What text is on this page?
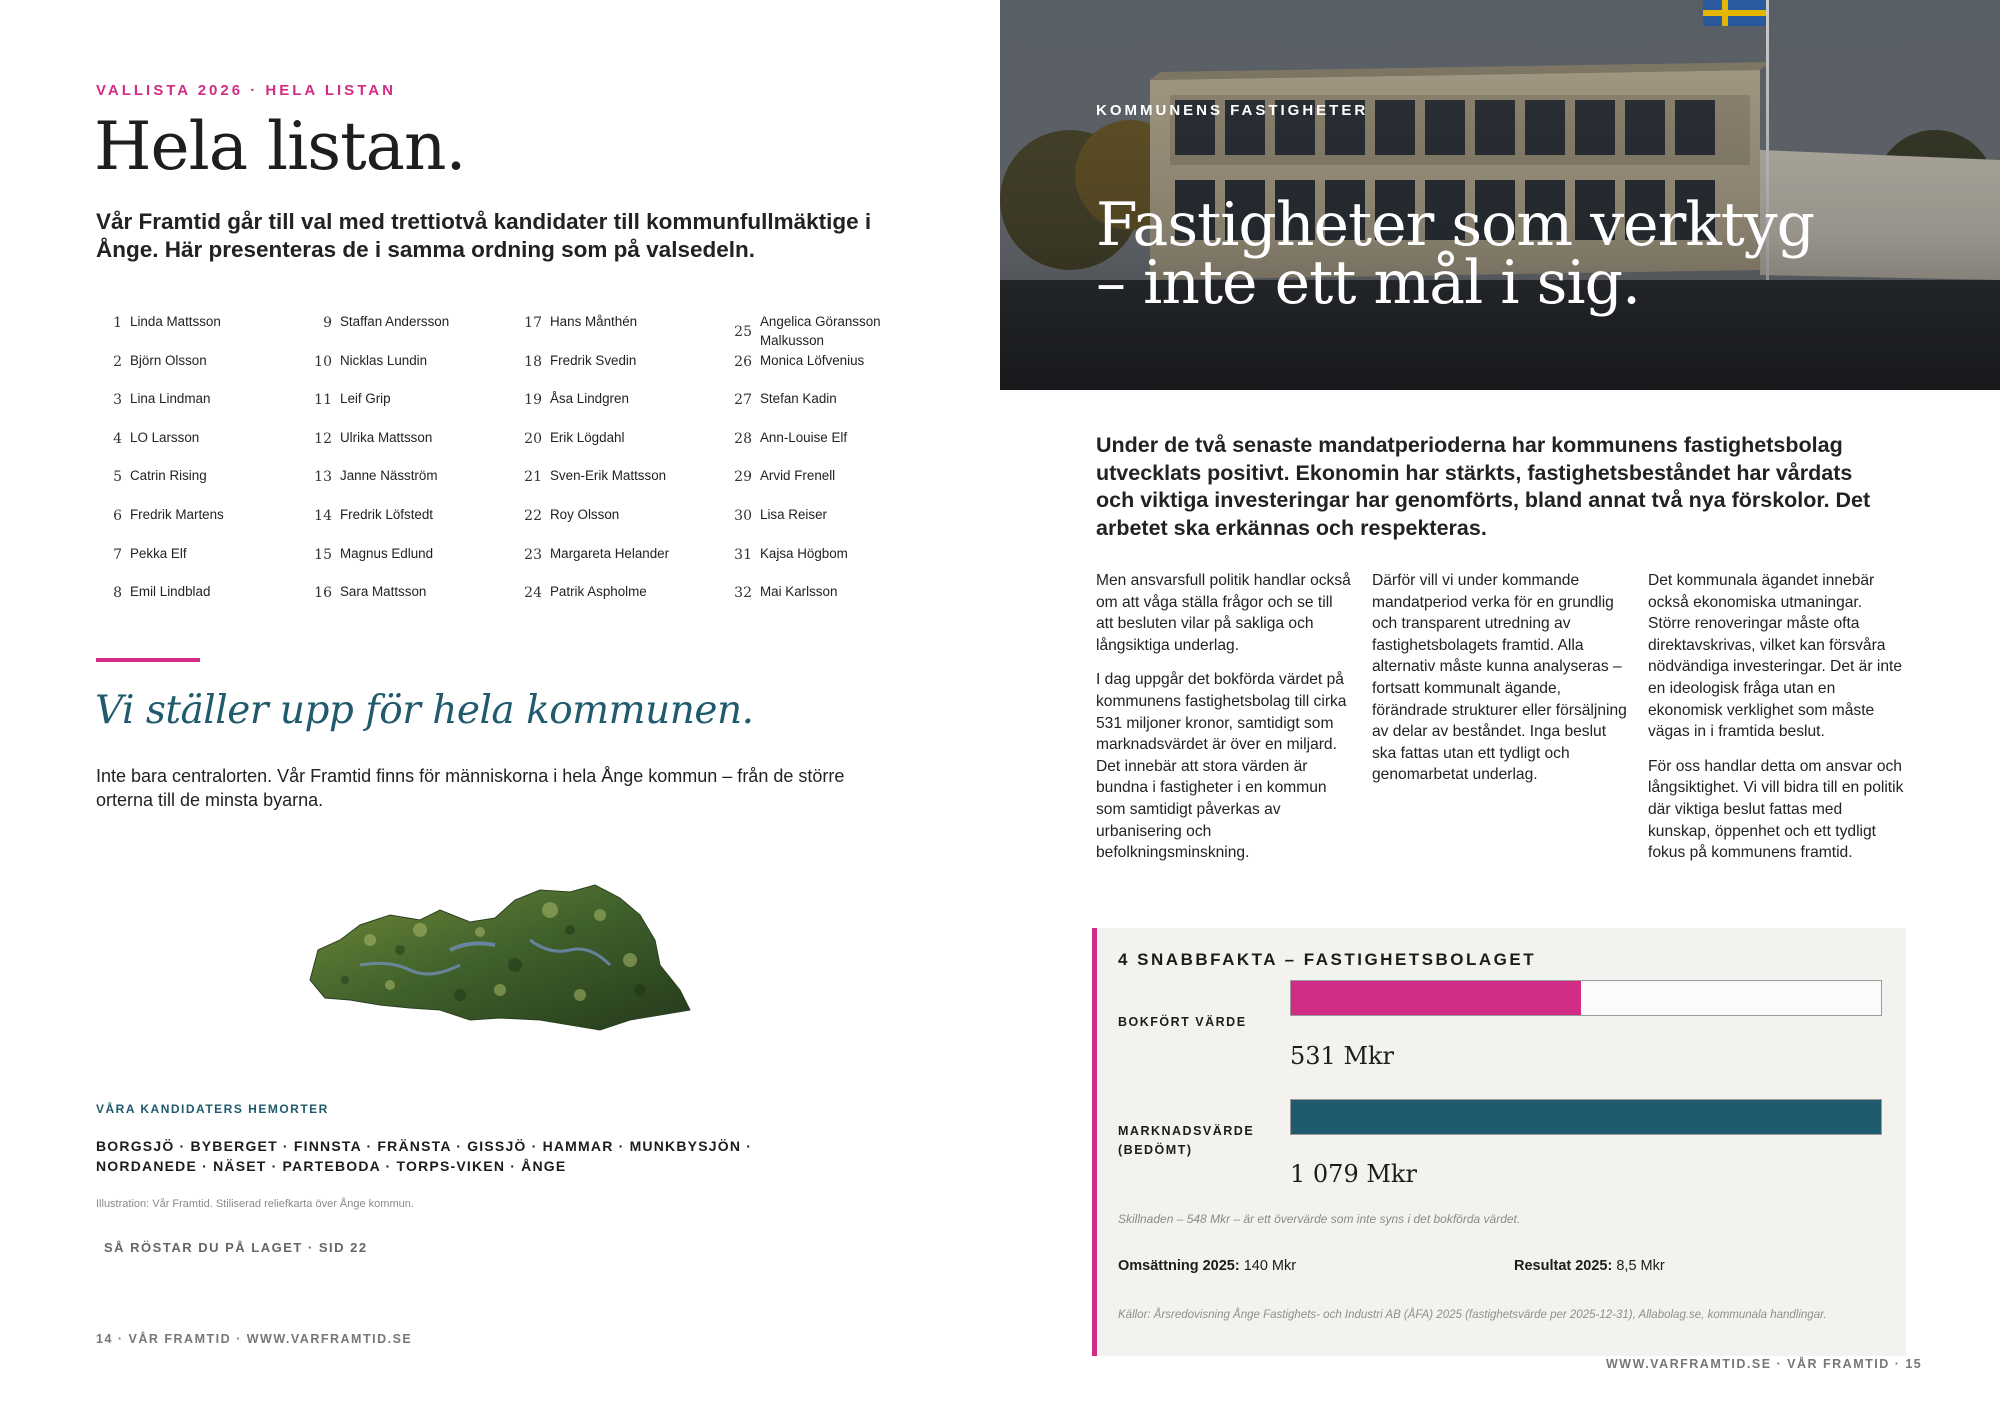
VALLISTA 2026 · HELA LISTAN
Hela listan.
Vår Framtid går till val med trettiotvå kandidater till kommunfullmäktige i Ånge. Här presenteras de i samma ordning som på valsedeln.
1 Linda Mattsson
2 Björn Olsson
3 Lina Lindman
4 LO Larsson
5 Catrin Rising
6 Fredrik Martens
7 Pekka Elf
8 Emil Lindblad
9 Staffan Andersson
10 Nicklas Lundin
11 Leif Grip
12 Ulrika Mattsson
13 Janne Näsström
14 Fredrik Löfstedt
15 Magnus Edlund
16 Sara Mattsson
17 Hans Månthén
18 Fredrik Svedin
19 Åsa Lindgren
20 Erik Lögdahl
21 Sven-Erik Mattsson
22 Roy Olsson
23 Margareta Helander
24 Patrik Aspholme
25
Angelica Göransson Malkusson
26 Monica Löfvenius
27 Stefan Kadin
28 Ann-Louise Elf
29 Arvid Frenell
30 Lisa Reiser
31 Kajsa Högbom
32 Mai Karlsson
Vi ställer upp för hela kommunen.
Inte bara centralorten. Vår Framtid finns för människorna i hela Ånge kommun – från de större orterna till de minsta byarna.
VÅRA KANDIDATERS HEMORTER
BORGSJÖ · BYBERGET · FINNSTA · FRÄNSTA · GISSJÖ · HAMMAR · MUNKBYSJÖN · NORDANEDE · NÄSET · PARTEBODA · TORPS-VIKEN · ÅNGE
Illustration: Vår Framtid. Stiliserad reliefkarta över Ånge kommun.
SÅ RÖSTAR DU PÅ LAGET · SID 22
14 · VÅR FRAMTID · WWW.VARFRAMTID.SE
KOMMUNENS FASTIGHETER
Fastigheter som verktyg
– inte ett mål i sig.
Under de två senaste mandatperioderna har kommunens fastighetsbolag utvecklats positivt. Ekonomin har stärkts, fastighetsbeståndet har vårdats och viktiga investeringar har genomförts, bland annat två nya förskolor. Det arbetet ska erkännas och respekteras.

Men ansvarsfull politik handlar också om att våga ställa frågor och se till att besluten vilar på sakliga och långsiktiga underlag.

I dag uppgår det bokförda värdet på kommunens fastighetsbolag till cirka 531 miljoner kronor, samtidigt som marknadsvärdet är över en miljard. Det innebär att stora värden är bundna i fastigheter i en kommun som samtidigt påverkas av urbanisering och befolkningsminskning.

Därför vill vi under kommande mandatperiod verka för en grundlig och transparent utredning av fastighetsbolagets framtid. Alla alternativ måste kunna analyseras – fortsatt kommunalt ägande, förändrade strukturer eller försäljning av delar av beståndet. Inga beslut ska fattas utan ett tydligt och genomarbetat underlag.

Det kommunala ägandet innebär också ekonomiska utmaningar. Större renoveringar måste ofta direktavskrivas, vilket kan försvåra nödvändiga investeringar. Det är inte en ideologisk fråga utan en ekonomisk verklighet som måste vägas in i framtida beslut.

För oss handlar detta om ansvar och långsiktighet. Vi vill bidra till en politik där viktiga beslut fattas med kunskap, öppenhet och ett tydligt fokus på kommunens framtid.

4 SNABBFAKTA – FASTIGHETSBOLAGET
BOKFÖRT VÄRDE
531 Mkr
MARKNADSVÄRDE
(BEDÖMT)
1 079 Mkr
Skillnaden – 548 Mkr – är ett övervärde som inte syns i det bokförda värdet.
Omsättning 2025: 140 Mkr	Resultat 2025: 8,5 Mkr
Källor: Årsredovisning Ånge Fastighets- och Industri AB (ÅFA) 2025 (fastighetsvärde per 2025-12-31), Allabolag.se, kommunala handlingar.
WWW.VARFRAMTID.SE · VÅR FRAMTID · 15
